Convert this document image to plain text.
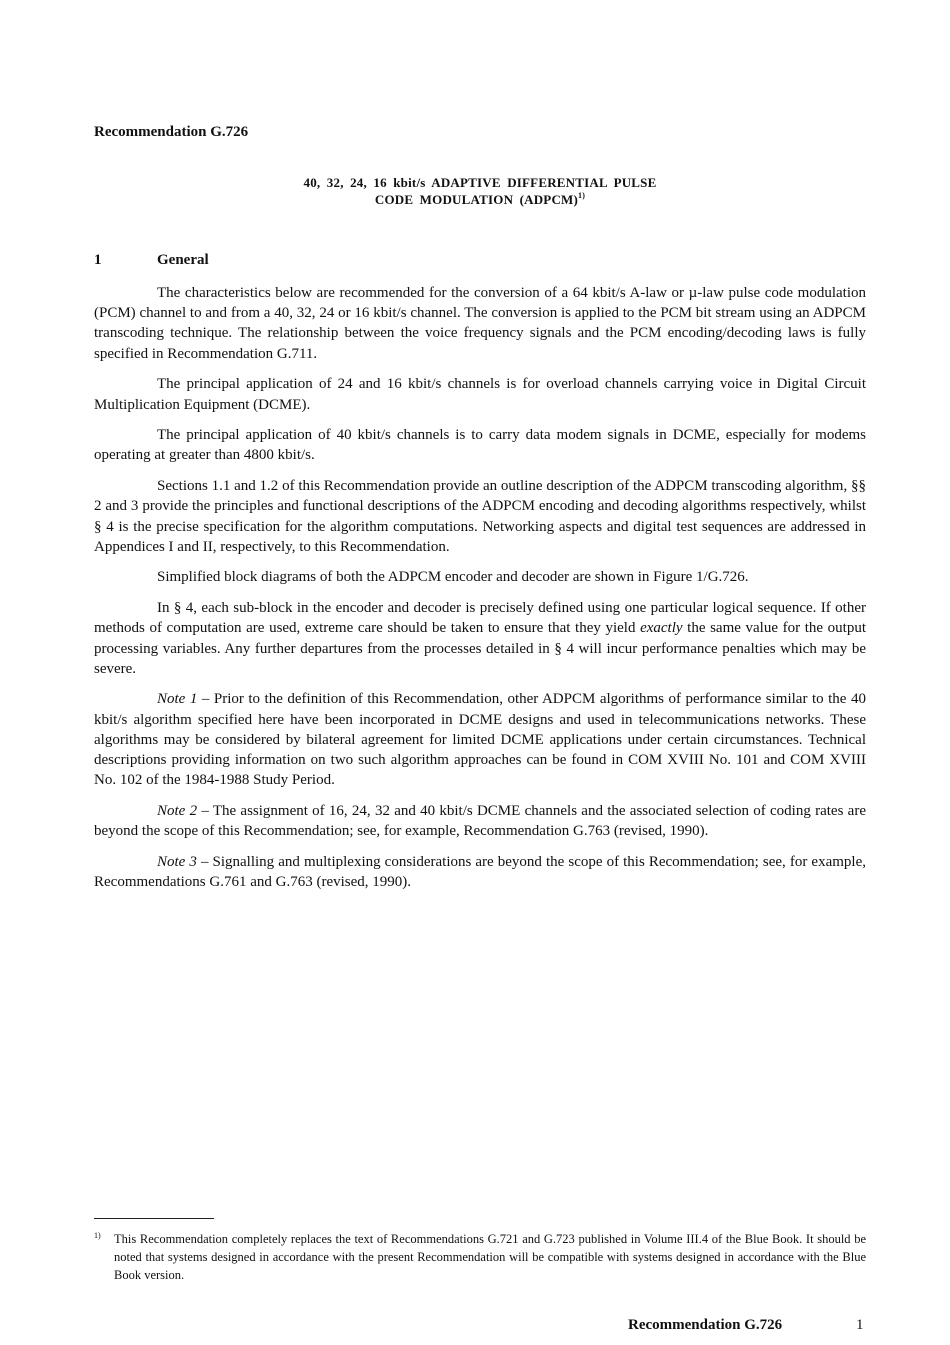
Recommendation G.726
40, 32, 24, 16 kbit/s ADAPTIVE DIFFERENTIAL PULSE
CODE MODULATION (ADPCM)$^{1)}$
1	General

The characteristics below are recommended for the conversion of a 64 kbit/s A-law or µ-law pulse code modulation (PCM) channel to and from a 40, 32, 24 or 16 kbit/s channel. The conversion is applied to the PCM bit stream using an ADPCM transcoding technique. The relationship between the voice frequency signals and the PCM encoding/decoding laws is fully specified in Recommendation G.711.

The principal application of 24 and 16 kbit/s channels is for overload channels carrying voice in Digital Circuit Multiplication Equipment (DCME).

The principal application of 40 kbit/s channels is to carry data modem signals in DCME, especially for modems operating at greater than 4800 kbit/s.

Sections 1.1 and 1.2 of this Recommendation provide an outline description of the ADPCM transcoding algorithm, §§ 2 and 3 provide the principles and functional descriptions of the ADPCM encoding and decoding algorithms respectively, whilst § 4 is the precise specification for the algorithm computations. Networking aspects and digital test sequences are addressed in Appendices I and II, respectively, to this Recommendation.

Simplified block diagrams of both the ADPCM encoder and decoder are shown in Figure 1/G.726.

In § 4, each sub-block in the encoder and decoder is precisely defined using one particular logical sequence. If other methods of computation are used, extreme care should be taken to ensure that they yield exactly the same value for the output processing variables. Any further departures from the processes detailed in § 4 will incur performance penalties which may be severe.

Note 1 – Prior to the definition of this Recommendation, other ADPCM algorithms of performance similar to the 40 kbit/s algorithm specified here have been incorporated in DCME designs and used in telecommunications networks. These algorithms may be considered by bilateral agreement for limited DCME applications under certain circumstances. Technical descriptions providing information on two such algorithm approaches can be found in COM XVIII No. 101 and COM XVIII No. 102 of the 1984-1988 Study Period.

Note 2 – The assignment of 16, 24, 32 and 40 kbit/s DCME channels and the associated selection of coding rates are beyond the scope of this Recommendation; see, for example, Recommendation G.763 (revised, 1990).

Note 3 – Signalling and multiplexing considerations are beyond the scope of this Recommendation; see, for example, Recommendations G.761 and G.763 (revised, 1990).

1)	This Recommendation completely replaces the text of Recommendations G.721 and G.723 published in Volume III.4 of the Blue Book. It should be noted that systems designed in accordance with the present Recommendation will be compatible with systems designed in accordance with the Blue Book version.
Recommendation G.726	1
